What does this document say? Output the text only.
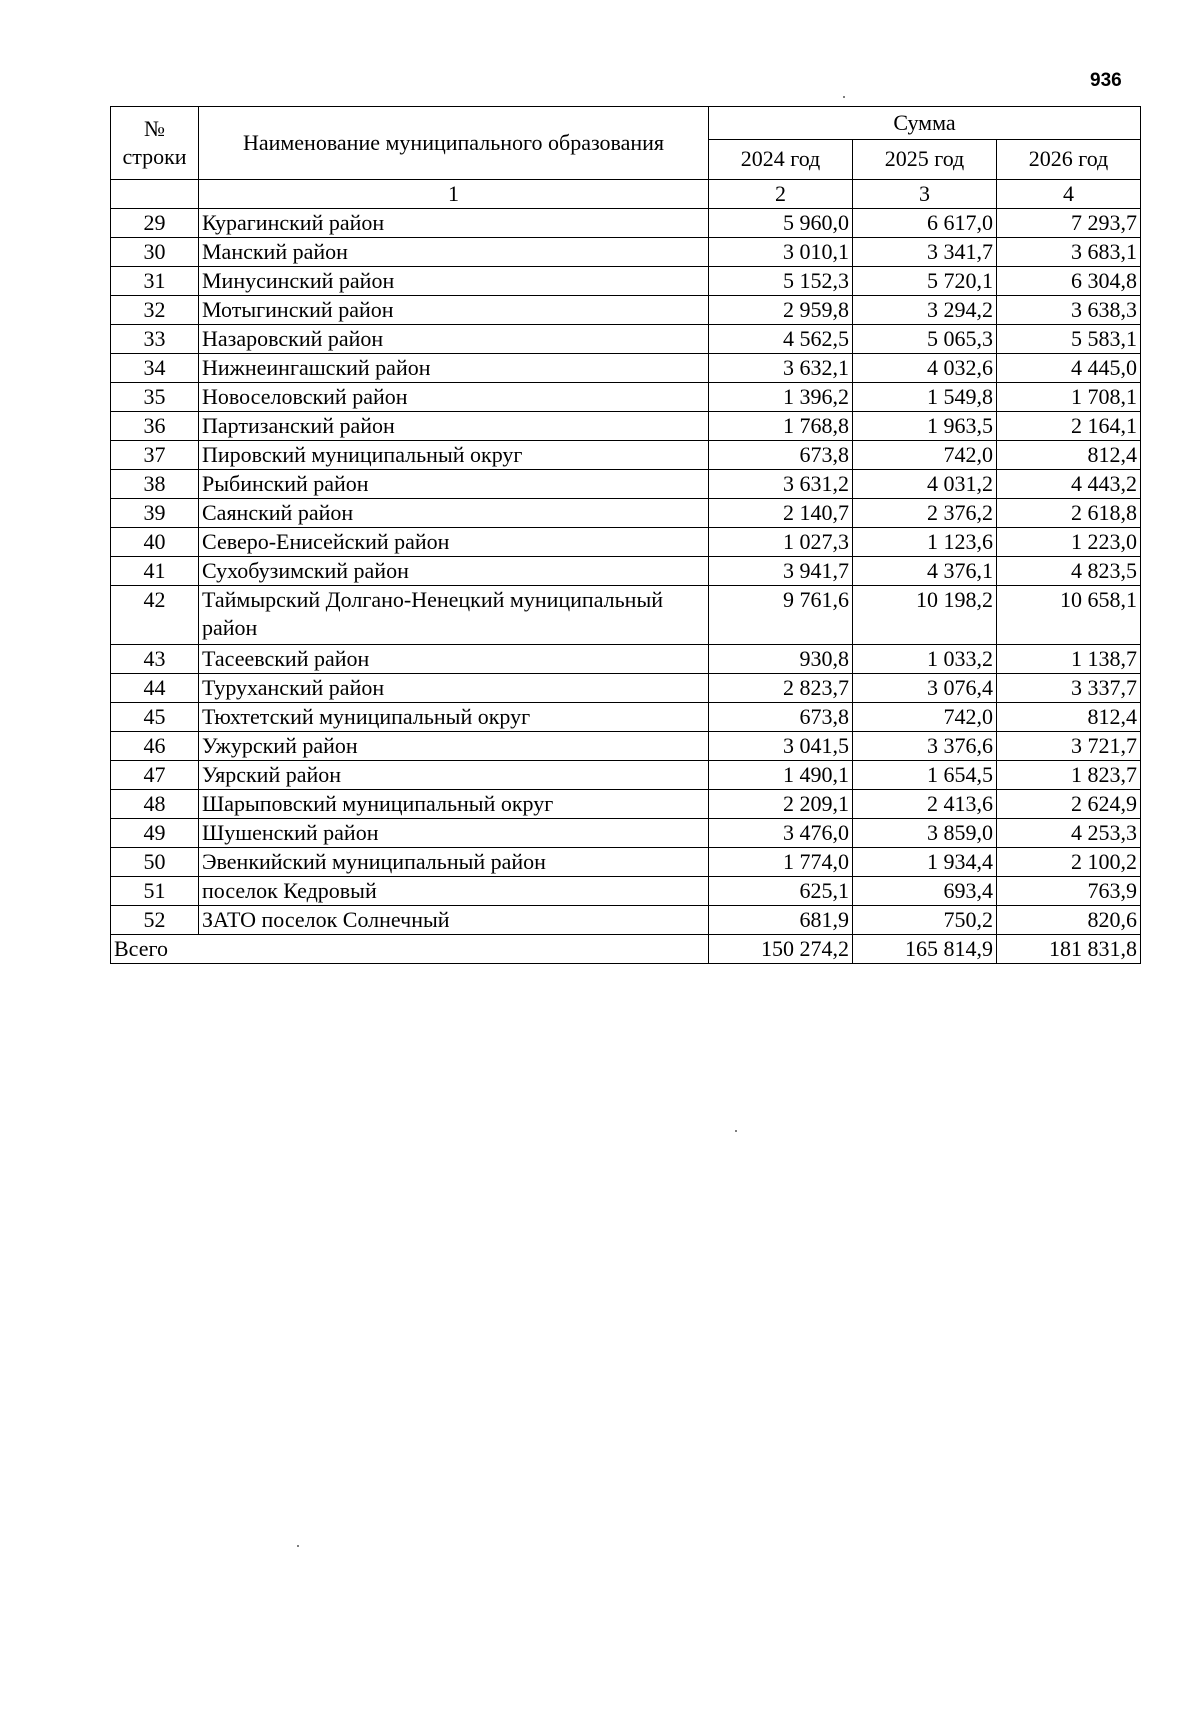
936
№
строки	Наименование муниципального образования	Сумма		
		2024 год	2025 год	2026 год
	1	2	3	4
29	Курагинский район	5 960,0	6 617,0	7 293,7
30	Манский район	3 010,1	3 341,7	3 683,1
31	Минусинский район	5 152,3	5 720,1	6 304,8
32	Мотыгинский район	2 959,8	3 294,2	3 638,3
33	Назаровский район	4 562,5	5 065,3	5 583,1
34	Нижнеингашский район	3 632,1	4 032,6	4 445,0
35	Новоселовский район	1 396,2	1 549,8	1 708,1
36	Партизанский район	1 768,8	1 963,5	2 164,1
37	Пировский муниципальный округ	673,8	742,0	812,4
38	Рыбинский район	3 631,2	4 031,2	4 443,2
39	Саянский район	2 140,7	2 376,2	2 618,8
40	Северо-Енисейский район	1 027,3	1 123,6	1 223,0
41	Сухобузимский район	3 941,7	4 376,1	4 823,5
42	Таймырский Долгано-Ненецкий муниципальный район	9 761,6	10 198,2	10 658,1
43	Тасеевский район	930,8	1 033,2	1 138,7
44	Туруханский район	2 823,7	3 076,4	3 337,7
45	Тюхтетский муниципальный округ	673,8	742,0	812,4
46	Ужурский район	3 041,5	3 376,6	3 721,7
47	Уярский район	1 490,1	1 654,5	1 823,7
48	Шарыповский муниципальный округ	2 209,1	2 413,6	2 624,9
49	Шушенский район	3 476,0	3 859,0	4 253,3
50	Эвенкийский муниципальный район	1 774,0	1 934,4	2 100,2
51	поселок Кедровый	625,1	693,4	763,9
52	ЗАТО поселок Солнечный	681,9	750,2	820,6
Всего		150 274,2	165 814,9	181 831,8
